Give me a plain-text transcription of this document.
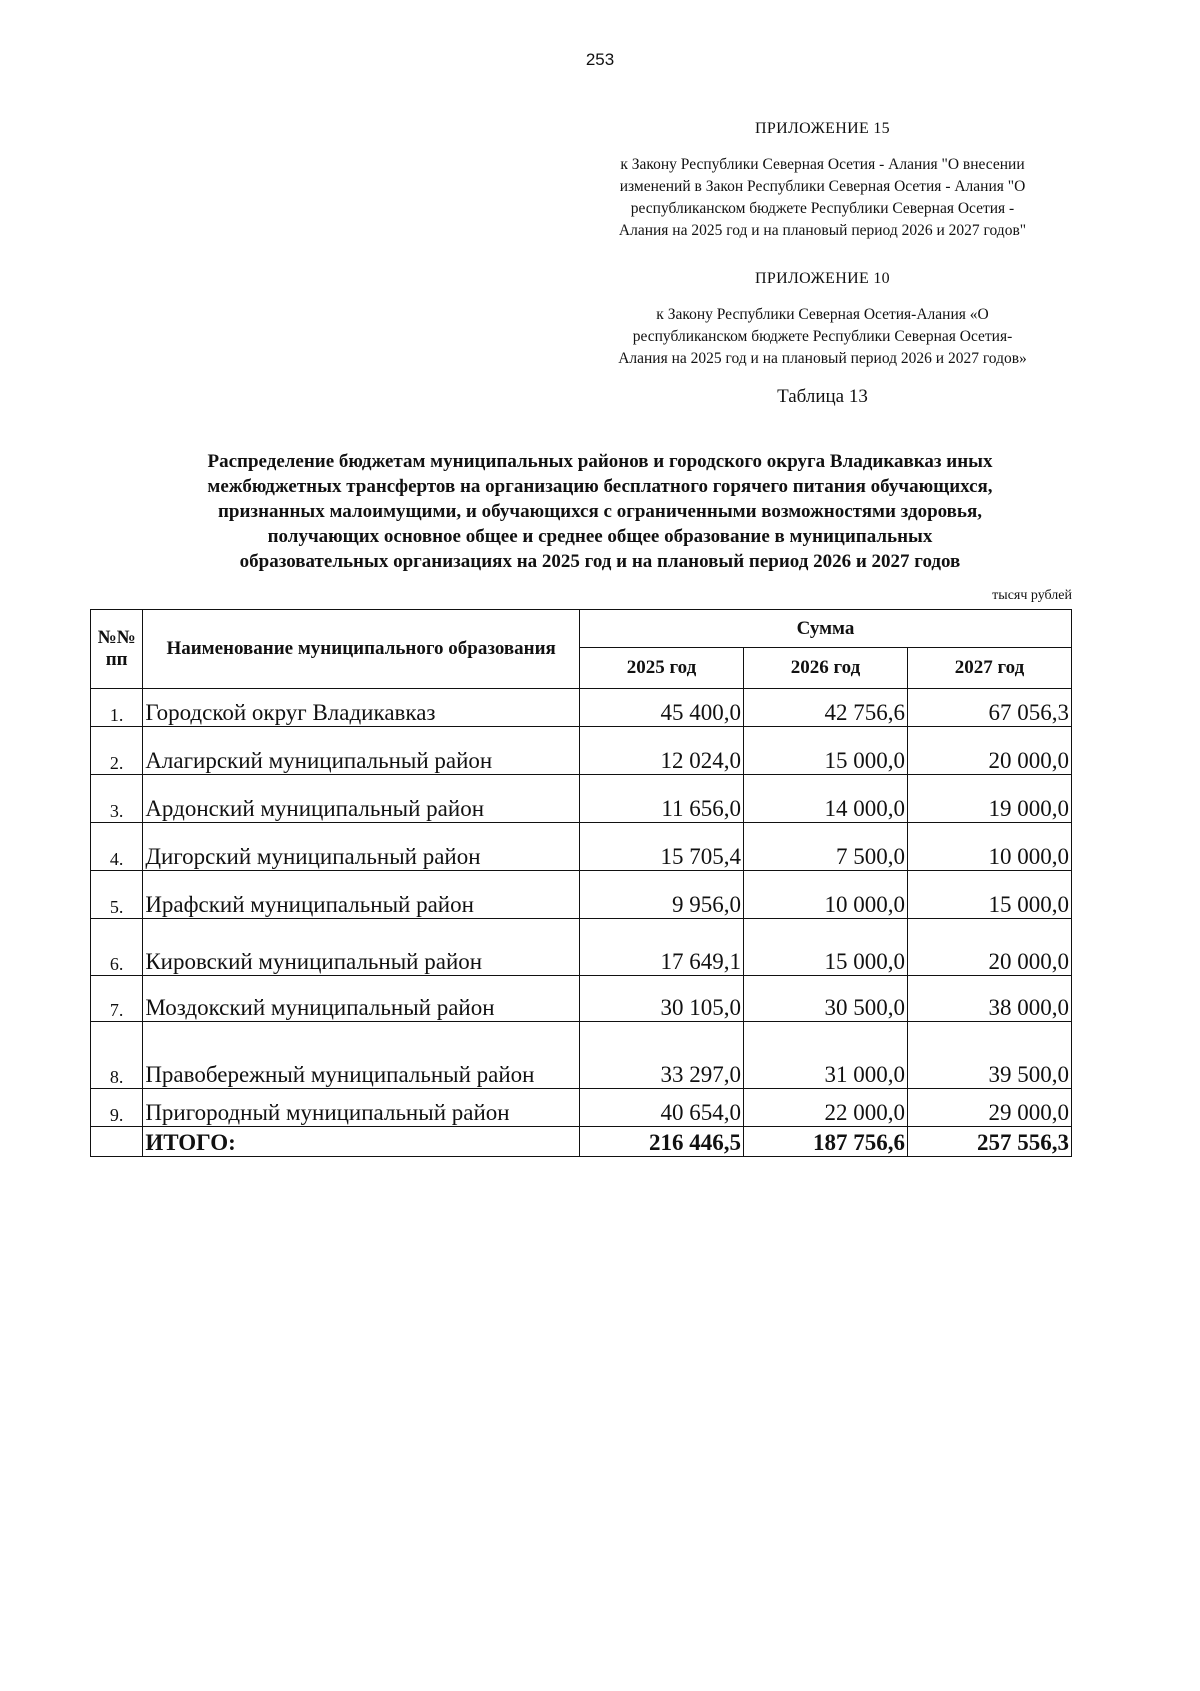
253
ПРИЛОЖЕНИЕ 15
к Закону Республики Северная Осетия - Алания "О внесении
изменений в Закон Республики Северная Осетия - Алания "О
республиканском бюджете Республики Северная Осетия -
Алания на 2025 год и на плановый период 2026 и 2027 годов"
ПРИЛОЖЕНИЕ 10
к Закону Республики Северная Осетия-Алания «О
республиканском бюджете Республики Северная Осетия-
Алания на 2025 год и на плановый период 2026 и 2027 годов»
Таблица 13
Распределение бюджетам муниципальных районов и городского округа Владикавказ иных
межбюджетных трансфертов на организацию бесплатного горячего питания обучающихся,
признанных малоимущими, и обучающихся с ограниченными возможностями здоровья,
получающих основное общее и среднее общее образование в муниципальных
образовательных организациях на 2025 год и на плановый период 2026 и 2027 годов
тысяч рублей
№№ пп	Наименование муниципального образования	Сумма		
		2025 год	2026 год	2027 год
1.	Городской округ Владикавказ	45 400,0	42 756,6	67 056,3
2.	Алагирский муниципальный район	12 024,0	15 000,0	20 000,0
3.	Ардонский муниципальный район	11 656,0	14 000,0	19 000,0
4.	Дигорский муниципальный район	15 705,4	7 500,0	10 000,0
5.	Ирафский муниципальный район	9 956,0	10 000,0	15 000,0
6.	Кировский муниципальный район	17 649,1	15 000,0	20 000,0
7.	Моздокский муниципальный район	30 105,0	30 500,0	38 000,0
8.	Правобережный муниципальный район	33 297,0	31 000,0	39 500,0
9.	Пригородный муниципальный район	40 654,0	22 000,0	29 000,0
	ИТОГО:	216 446,5	187 756,6	257 556,3
